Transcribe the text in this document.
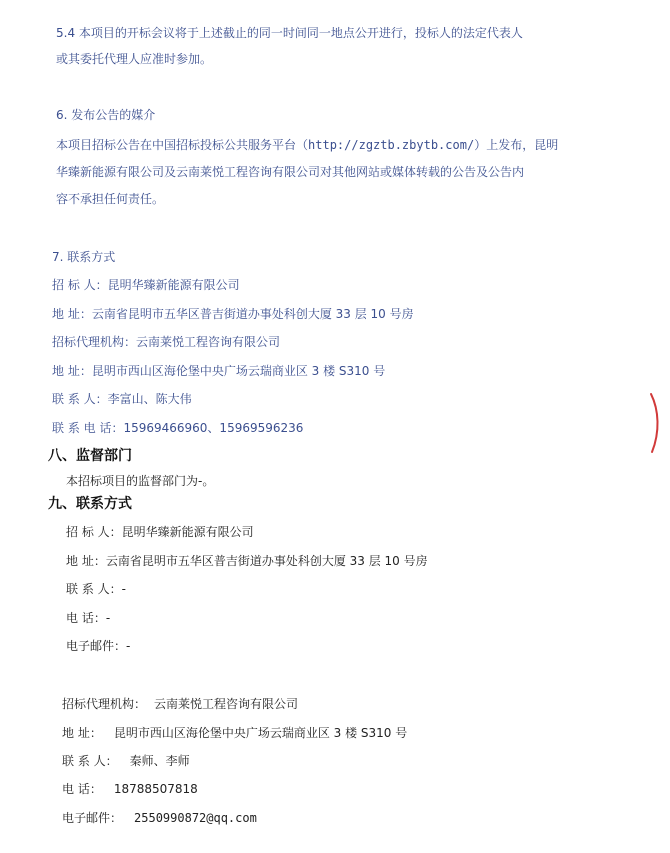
5.4 本项目的开标会议将于上述截止的同一时间同一地点公开进行，投标人的法定代表人
或其委托代理人应准时参加。
6. 发布公告的媒介
本项目招标公告在中国招标投标公共服务平台（http://zgztb.zbytb.com/）上发布，昆明
华臻新能源有限公司及云南莱悦工程咨询有限公司对其他网站或媒体转载的公告及公告内
容不承担任何责任。
7. 联系方式
招 标 人：昆明华臻新能源有限公司
地 址：云南省昆明市五华区普吉街道办事处科创大厦 33 层 10 号房
招标代理机构：云南莱悦工程咨询有限公司
地 址：昆明市西山区海伦堡中央广场云瑞商业区 3 楼 S310 号
联 系 人：李富山、陈大伟
联 系 电 话：15969466960、15969596236
八、监督部门
本招标项目的监督部门为-。
九、联系方式
招 标 人：昆明华臻新能源有限公司
地 址：云南省昆明市五华区普吉街道办事处科创大厦 33 层 10 号房
联 系 人：-
电 话：-
电子邮件：-
招标代理机构： 云南莱悦工程咨询有限公司
地 址： 昆明市西山区海伦堡中央广场云瑞商业区 3 楼 S310 号
联 系 人： 秦师、李师
电 话： 18788507818
电子邮件： 2550990872@qq.com
